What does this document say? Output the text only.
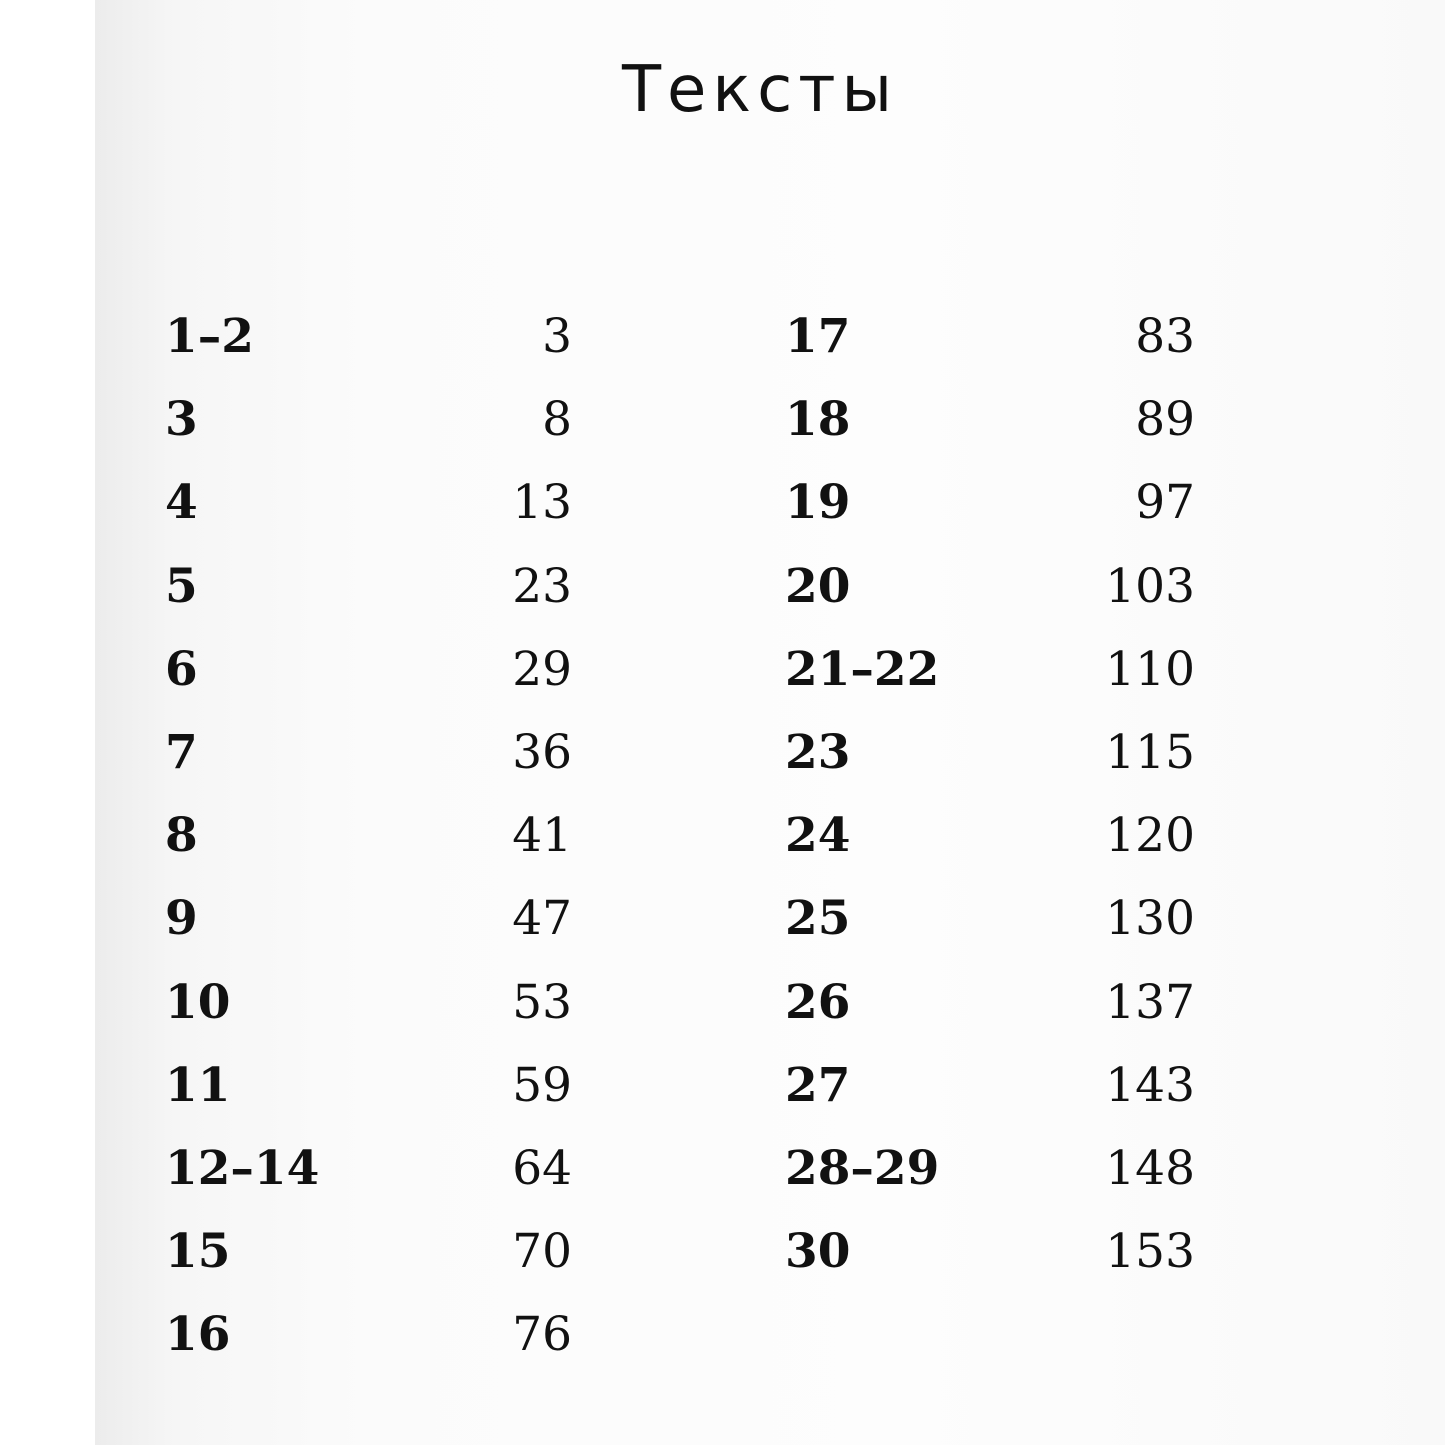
Тексты
1–2	3
3	8
4	13
5	23
6	29
7	36
8	41
9	47
10	53
11	59
12–14	64
15	70
16	76
17	83
18	89
19	97
20	103
21–22	110
23	115
24	120
25	130
26	137
27	143
28–29	148
30	153
